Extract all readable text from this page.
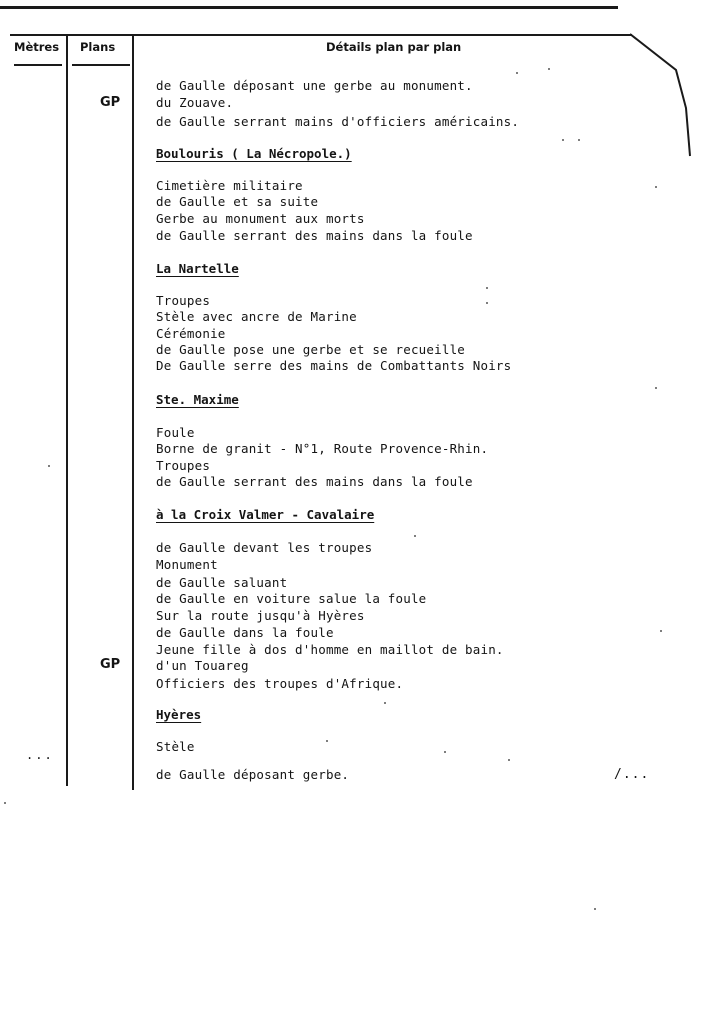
Mètres Plans	Détails plan par plan
GP
GP
...
de Gaulle déposant une gerbe au monument.
du Zouave.
de Gaulle serrant mains d'officiers américains.
Boulouris ( La Nécropole.)
Cimetière militaire
de Gaulle et sa suite
Gerbe au monument aux morts
de Gaulle serrant des mains dans la foule
La Nartelle
Troupes
Stèle avec ancre de Marine
Cérémonie
de Gaulle pose une gerbe et se recueille
De Gaulle serre des mains de Combattants Noirs
Ste. Maxime
Foule
Borne de granit - N°1, Route Provence-Rhin.
Troupes
de Gaulle serrant des mains dans la foule
à la Croix Valmer - Cavalaire
de Gaulle devant les troupes
Monument
de Gaulle saluant
de Gaulle en voiture salue la foule
Sur la route jusqu'à Hyères
de Gaulle dans la foule
Jeune fille à dos d'homme en maillot de bain.
d'un Touareg
Officiers des troupes d'Afrique.
Hyères
Stèle
de Gaulle déposant gerbe.	/...
